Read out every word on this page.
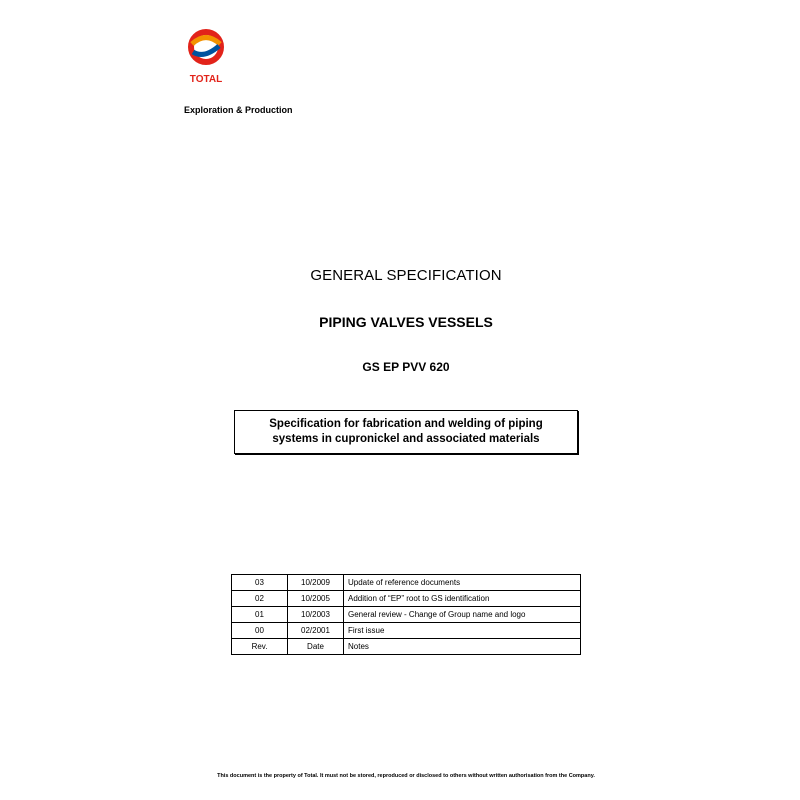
TOTAL
Exploration & Production
GENERAL SPECIFICATION
PIPING VALVES VESSELS
GS EP PVV 620
Specification for fabrication and welding of piping
systems in cupronickel and associated materials
03	10/2009	Update of reference documents
02	10/2005	Addition of “EP” root to GS identification
01	10/2003	General review - Change of Group name and logo
00	02/2001	First issue
Rev.	Date	Notes
This document is the property of Total. It must not be stored, reproduced or disclosed to others without written authorisation from the Company.
